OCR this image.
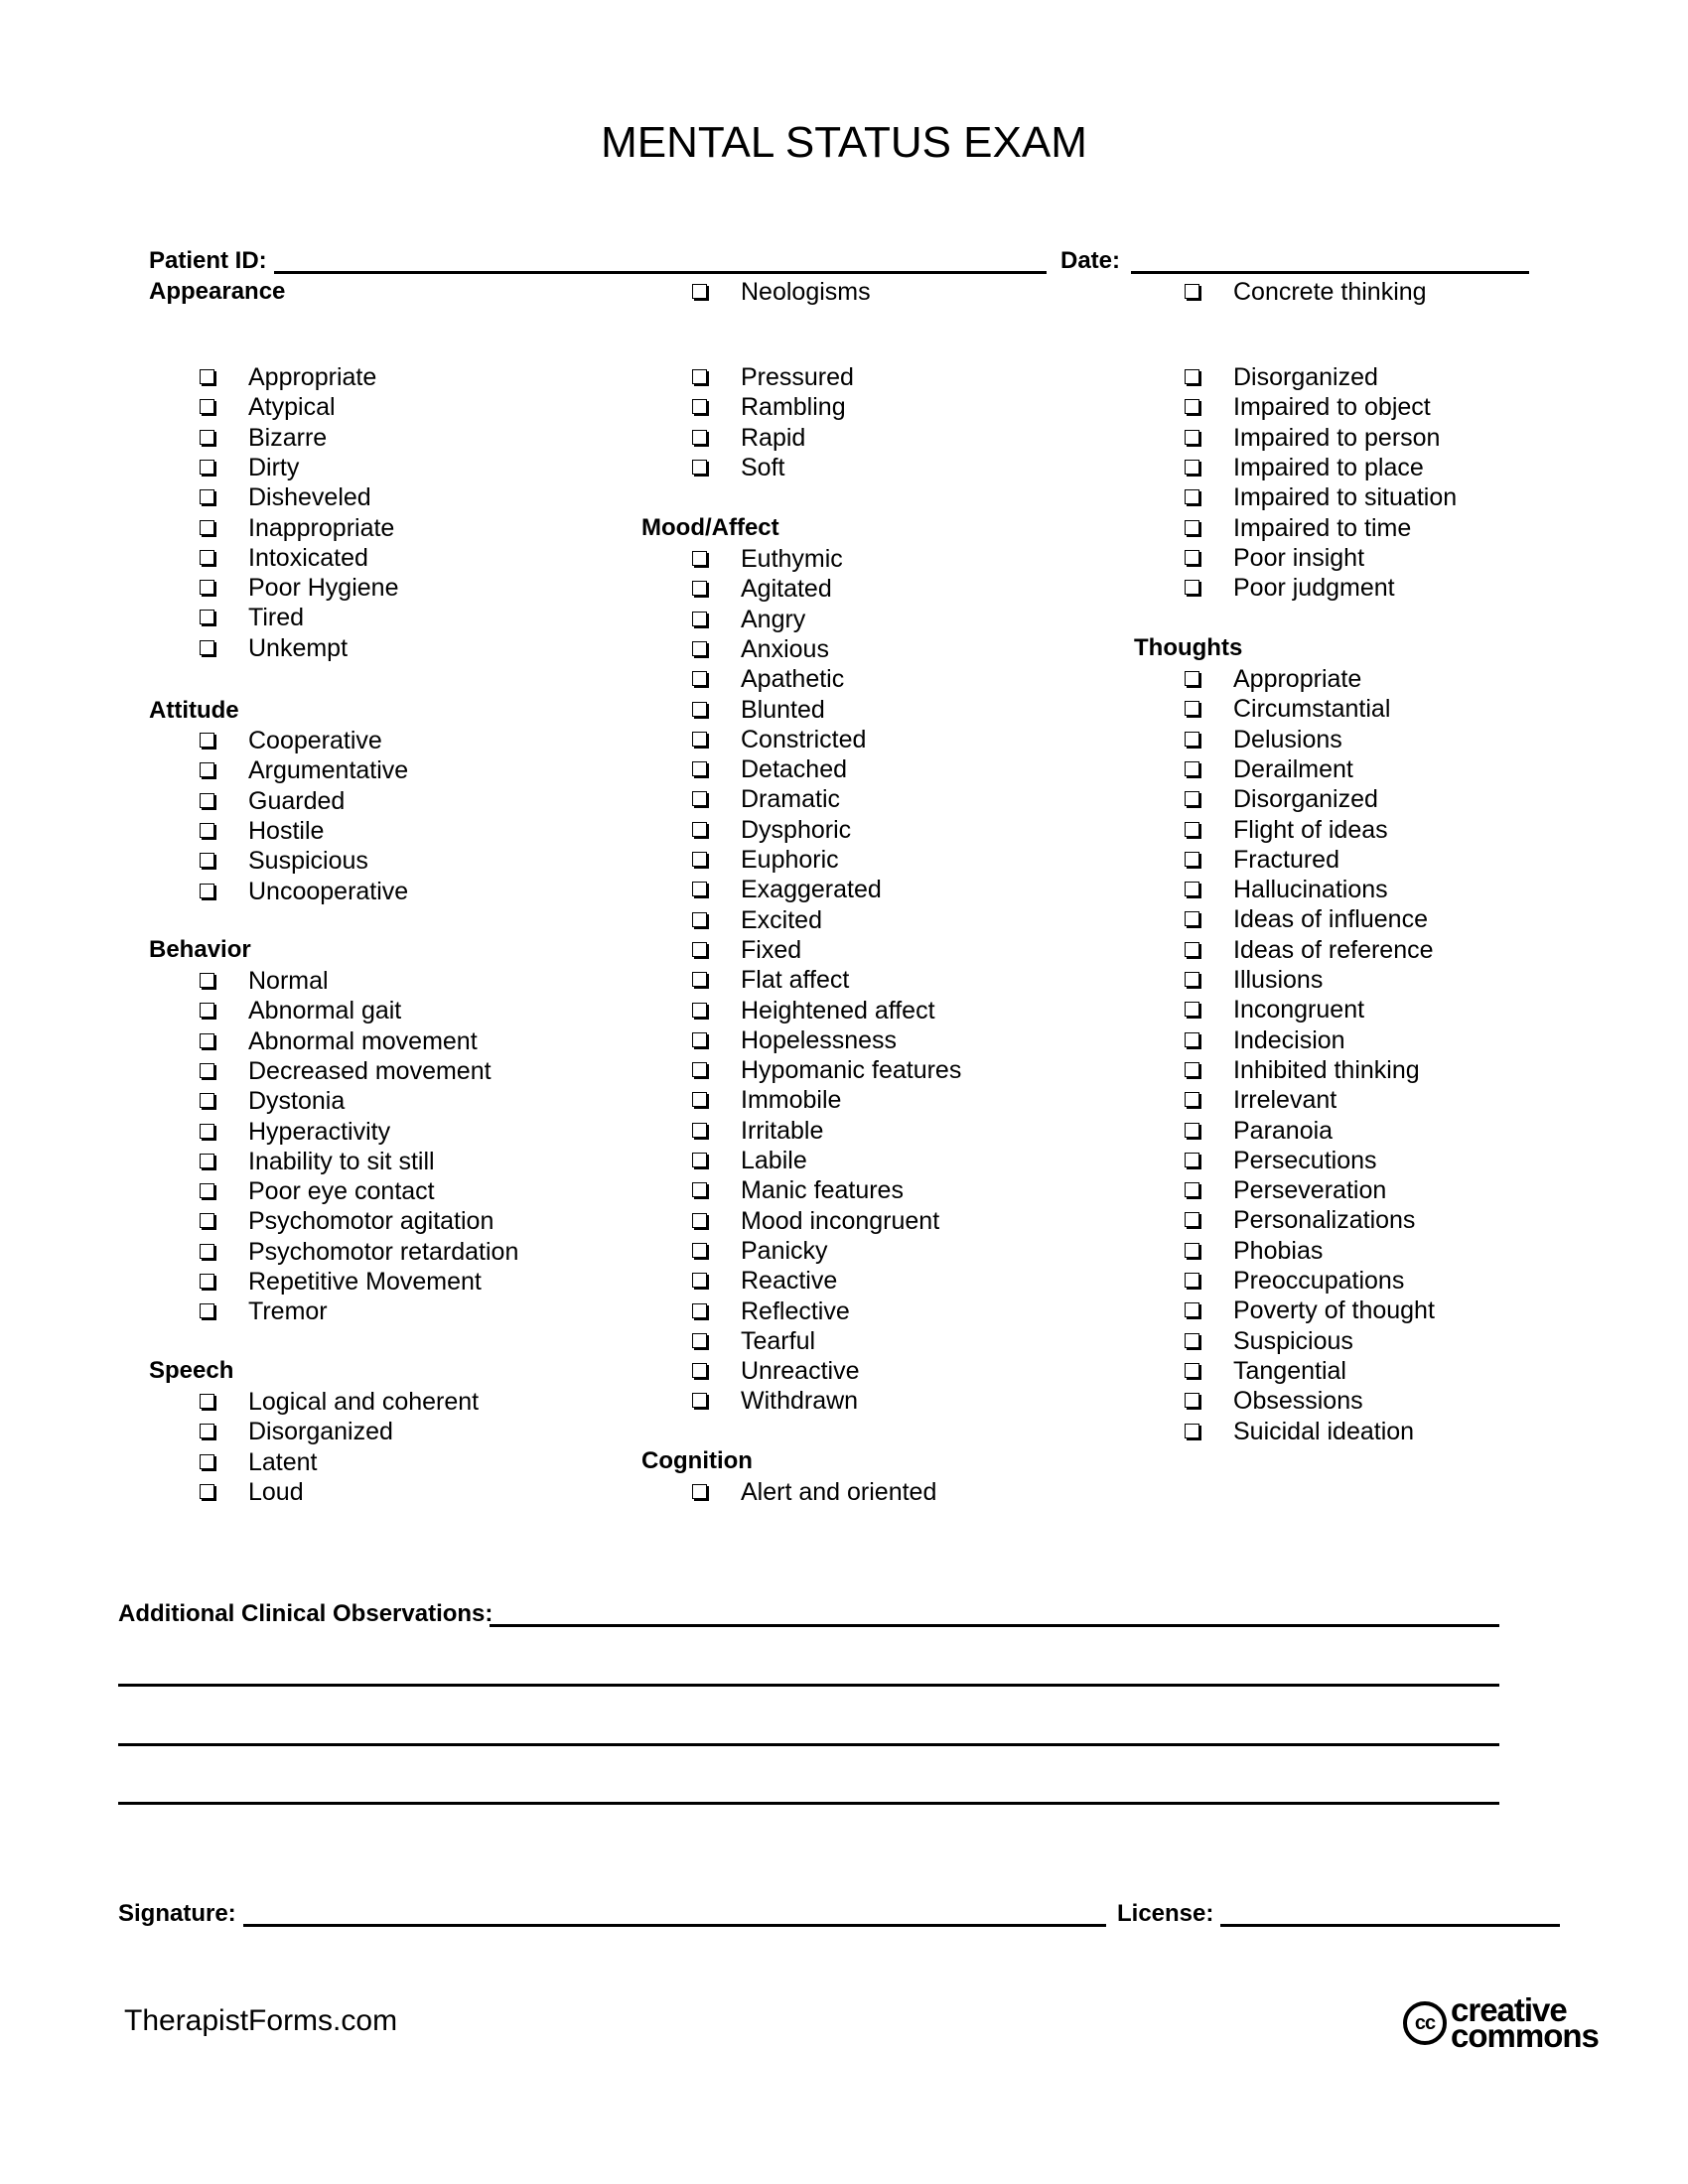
MENTAL STATUS EXAM
Patient ID:	Date:
Appearance
Appropriate
Atypical
Bizarre
Dirty
Disheveled
Inappropriate
Intoxicated
Poor Hygiene
Tired
Unkempt
Attitude
Cooperative
Argumentative
Guarded
Hostile
Suspicious
Uncooperative
Behavior
Normal
Abnormal gait
Abnormal movement
Decreased movement
Dystonia
Hyperactivity
Inability to sit still
Poor eye contact
Psychomotor agitation
Psychomotor retardation
Repetitive Movement
Tremor
Speech
Logical and coherent
Disorganized
Latent
Loud
Neologisms
Pressured
Rambling
Rapid
Soft
Mood/Affect
Euthymic
Agitated
Angry
Anxious
Apathetic
Blunted
Constricted
Detached
Dramatic
Dysphoric
Euphoric
Exaggerated
Excited
Fixed
Flat affect
Heightened affect
Hopelessness
Hypomanic features
Immobile
Irritable
Labile
Manic features
Mood incongruent
Panicky
Reactive
Reflective
Tearful
Unreactive
Withdrawn
Cognition
Alert and oriented
Concrete thinking
Disorganized
Impaired to object
Impaired to person
Impaired to place
Impaired to situation
Impaired to time
Poor insight
Poor judgment
Thoughts
Appropriate
Circumstantial
Delusions
Derailment
Disorganized
Flight of ideas
Fractured
Hallucinations
Ideas of influence
Ideas of reference
Illusions
Incongruent
Indecision
Inhibited thinking
Irrelevant
Paranoia
Persecutions
Perseveration
Personalizations
Phobias
Preoccupations
Poverty of thought
Suspicious
Tangential
Obsessions
Suicidal ideation
Additional Clinical Observations:
Signature:	License:
TherapistForms.com	cc creative
commons
